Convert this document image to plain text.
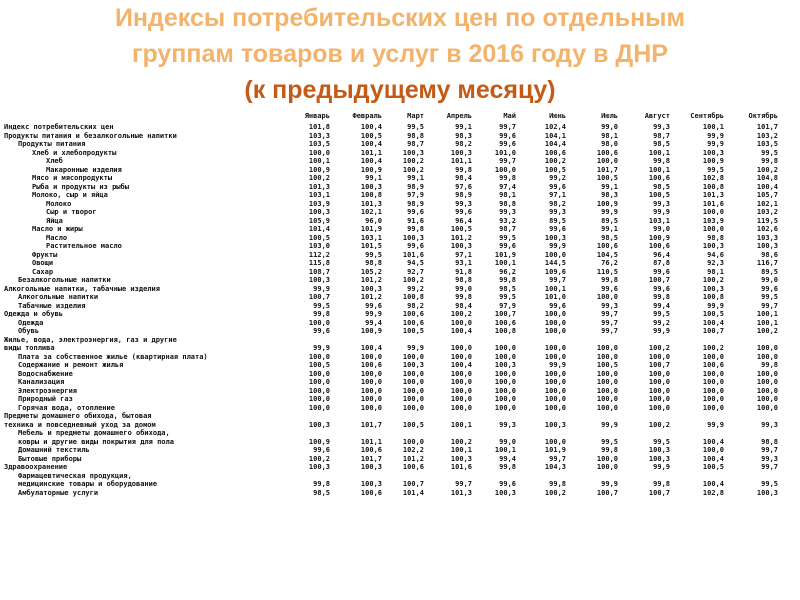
Индексы потребительских цен по отдельным
группам товаров и услуг в 2016 году в ДНР
(к предыдущему месяцу)
	Январь	Февраль	Март	Апрель	Май	Июнь	Июль	Август	Сентябрь	Октябрь
Индекс потребительских цен	101,8	100,4	99,5	99,1	99,7	102,4	99,0	99,3	100,1	101,7
Продукты питания и безалкогольные напитки	103,3	100,5	98,8	98,3	99,6	104,1	98,1	98,7	99,9	103,2
Продукты питания	103,5	100,4	98,7	98,2	99,6	104,4	98,0	98,5	99,9	103,5
Хлеб и хлебопродукты	100,0	101,1	100,3	100,3	101,0	100,6	100,6	100,1	100,3	99,5
Хлеб	100,1	100,4	100,2	101,1	99,7	100,2	100,0	99,8	100,9	99,8
Макаронные изделия	100,9	100,9	100,2	99,8	100,0	100,5	101,7	100,1	99,5	100,2
Мясо и мясопродукты	100,2	99,1	99,1	98,4	99,8	99,2	100,5	100,6	102,8	104,8
Рыба и продукты из рыбы	101,3	100,3	98,9	97,6	97,4	99,6	99,1	98,5	100,8	100,4
Молоко, сыр и яйца	103,1	100,8	97,9	98,9	98,1	97,1	98,3	100,5	101,3	105,7
Молоко	103,9	101,3	98,9	99,3	98,8	98,2	100,9	99,3	101,6	102,1
Сыр и творог	100,3	102,1	99,6	99,6	99,3	99,3	99,9	99,9	100,0	103,2
Яйца	105,9	96,0	91,6	96,4	93,2	89,5	89,5	103,1	103,9	119,5
Масло и жиры	101,4	101,9	99,8	100,5	98,7	99,6	99,1	99,0	100,0	102,6
Масло	100,5	103,1	100,3	101,2	99,5	100,3	98,5	100,9	98,8	103,3
Растительное масло	103,0	101,5	99,6	100,3	99,6	99,9	100,6	100,6	100,3	100,3
Фрукты	112,2	99,5	101,6	97,1	101,9	100,0	104,5	96,4	94,6	98,6
Овощи	115,8	98,8	94,5	93,1	100,1	144,5	76,2	87,8	92,3	116,7
Сахар	108,7	105,2	92,7	91,8	96,2	109,6	110,5	99,6	98,1	89,5
Безалкогольные напитки	100,3	101,2	100,2	98,8	99,8	99,7	99,8	100,7	100,2	99,0
Алкогольные напитки, табачные изделия	99,9	100,3	99,2	99,0	98,5	100,1	99,6	99,6	100,3	99,6
Алкогольные напитки	100,7	101,2	100,8	99,8	99,5	101,0	100,0	99,8	100,8	99,5
Табачные изделия	99,5	99,6	98,2	98,4	97,9	99,6	99,3	99,4	99,9	99,7
Одежда и обувь	99,8	99,9	100,6	100,2	100,7	100,0	99,7	99,5	100,5	100,1
Одежда	100,0	99,4	100,6	100,0	100,6	100,0	99,7	99,2	100,4	100,1
Обувь	99,6	100,9	100,5	100,4	100,8	100,0	99,7	99,9	100,7	100,2
Жилье, вода, электроэнергия, газ и другие										
виды топлива	99,9	100,4	99,9	100,0	100,0	100,0	100,0	100,2	100,2	100,0
Плата за собственное жилье (квартирная плата)	100,0	100,0	100,0	100,0	100,0	100,0	100,0	100,0	100,0	100,0
Содержание и ремонт жилья	100,5	100,6	100,3	100,4	100,3	99,9	100,5	100,7	100,6	99,8
Водоснабжение	100,0	100,0	100,0	100,0	100,0	100,0	100,0	100,0	100,0	100,0
Канализация	100,0	100,0	100,0	100,0	100,0	100,0	100,0	100,0	100,0	100,0
Электроэнергия	100,0	100,0	100,0	100,0	100,0	100,0	100,0	100,0	100,0	100,0
Природный газ	100,0	100,0	100,0	100,0	100,0	100,0	100,0	100,0	100,0	100,0
Горячая вода, отопление	100,0	100,0	100,0	100,0	100,0	100,0	100,0	100,0	100,0	100,0
Предметы домашнего обихода, бытовая										
техника и повседневный уход за домом	100,3	101,7	100,5	100,1	99,3	100,3	99,9	100,2	99,9	99,3
Мебель и предметы домашнего обихода,										
ковры и другие виды покрытия для пола	100,9	101,1	100,0	100,2	99,0	100,0	99,5	99,5	100,4	98,8
Домашний текстиль	99,6	100,6	102,2	100,1	100,1	101,9	99,8	100,3	100,0	99,7
Бытовые приборы	100,2	101,7	101,2	100,3	99,4	99,7	100,0	100,3	100,4	99,3
Здравоохранение	100,3	100,3	100,6	101,6	99,8	104,3	100,0	99,9	100,5	99,7
Фармацевтическая продукция,										
медицинские товары и оборудование	99,8	100,3	100,7	99,7	99,6	99,8	99,9	99,8	100,4	99,5
Амбулаторные услуги	98,5	100,6	101,4	101,3	100,3	100,2	100,7	100,7	102,8	100,3
